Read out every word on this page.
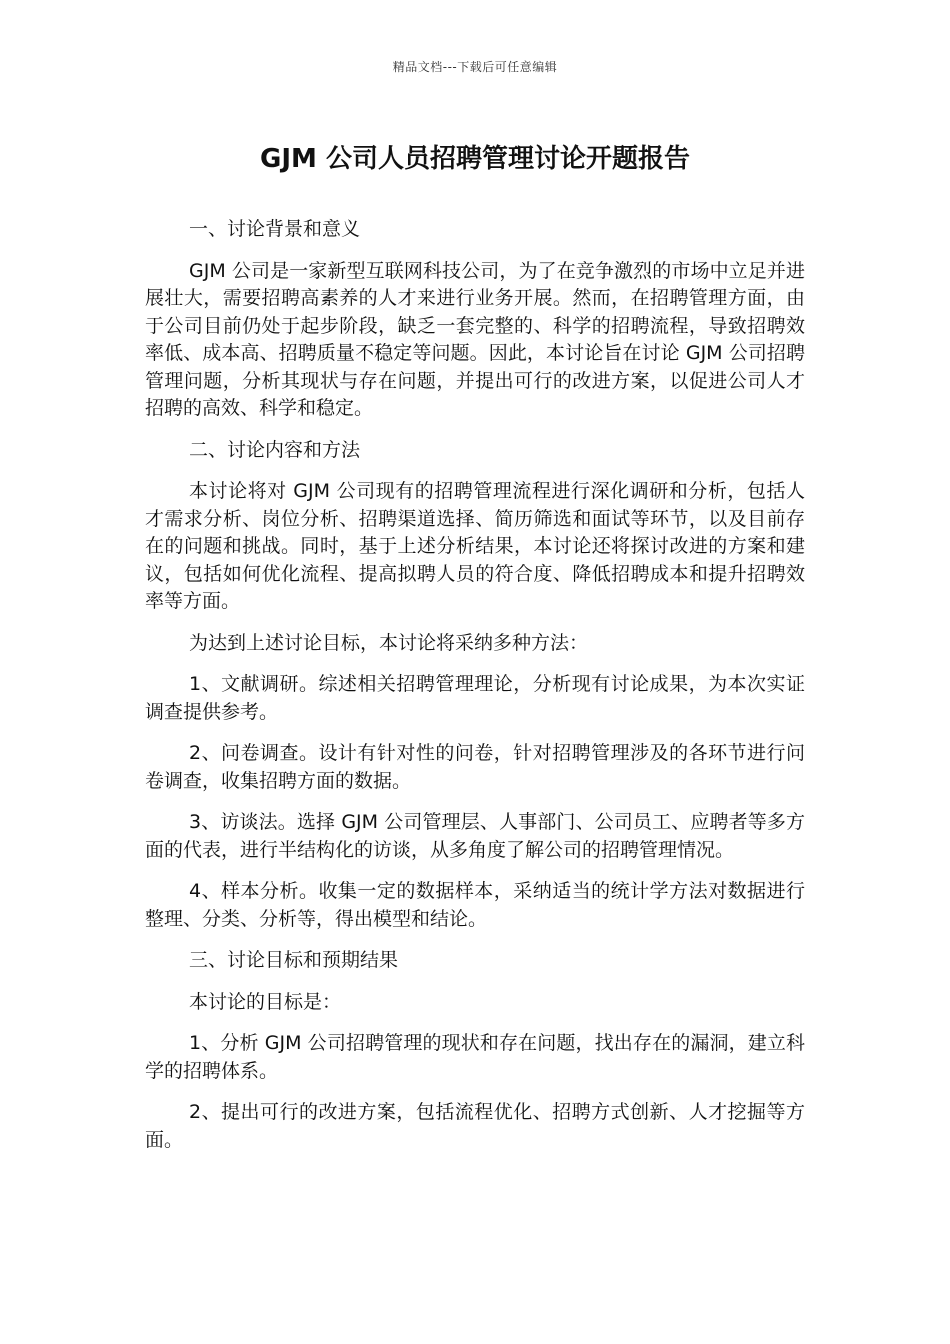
精品文档---下载后可任意编辑
GJM 公司人员招聘管理讨论开题报告

一、讨论背景和意义

GJM 公司是一家新型互联网科技公司，为了在竞争激烈的市场中立足并进展壮大，需要招聘高素养的人才来进行业务开展。然而，在招聘管理方面，由于公司目前仍处于起步阶段，缺乏一套完整的、科学的招聘流程，导致招聘效率低、成本高、招聘质量不稳定等问题。因此，本讨论旨在讨论 GJM 公司招聘管理问题，分析其现状与存在问题，并提出可行的改进方案，以促进公司人才招聘的高效、科学和稳定。

二、讨论内容和方法

本讨论将对 GJM 公司现有的招聘管理流程进行深化调研和分析，包括人才需求分析、岗位分析、招聘渠道选择、简历筛选和面试等环节，以及目前存在的问题和挑战。同时，基于上述分析结果，本讨论还将探讨改进的方案和建议，包括如何优化流程、提高拟聘人员的符合度、降低招聘成本和提升招聘效率等方面。

为达到上述讨论目标，本讨论将采纳多种方法：

1、文献调研。综述相关招聘管理理论，分析现有讨论成果，为本次实证调查提供参考。

2、问卷调查。设计有针对性的问卷，针对招聘管理涉及的各环节进行问卷调查，收集招聘方面的数据。

3、访谈法。选择 GJM 公司管理层、人事部门、公司员工、应聘者等多方面的代表，进行半结构化的访谈，从多角度了解公司的招聘管理情况。

4、样本分析。收集一定的数据样本，采纳适当的统计学方法对数据进行整理、分类、分析等，得出模型和结论。

三、讨论目标和预期结果

本讨论的目标是：

1、分析 GJM 公司招聘管理的现状和存在问题，找出存在的漏洞，建立科学的招聘体系。

2、提出可行的改进方案，包括流程优化、招聘方式创新、人才挖掘等方面。
